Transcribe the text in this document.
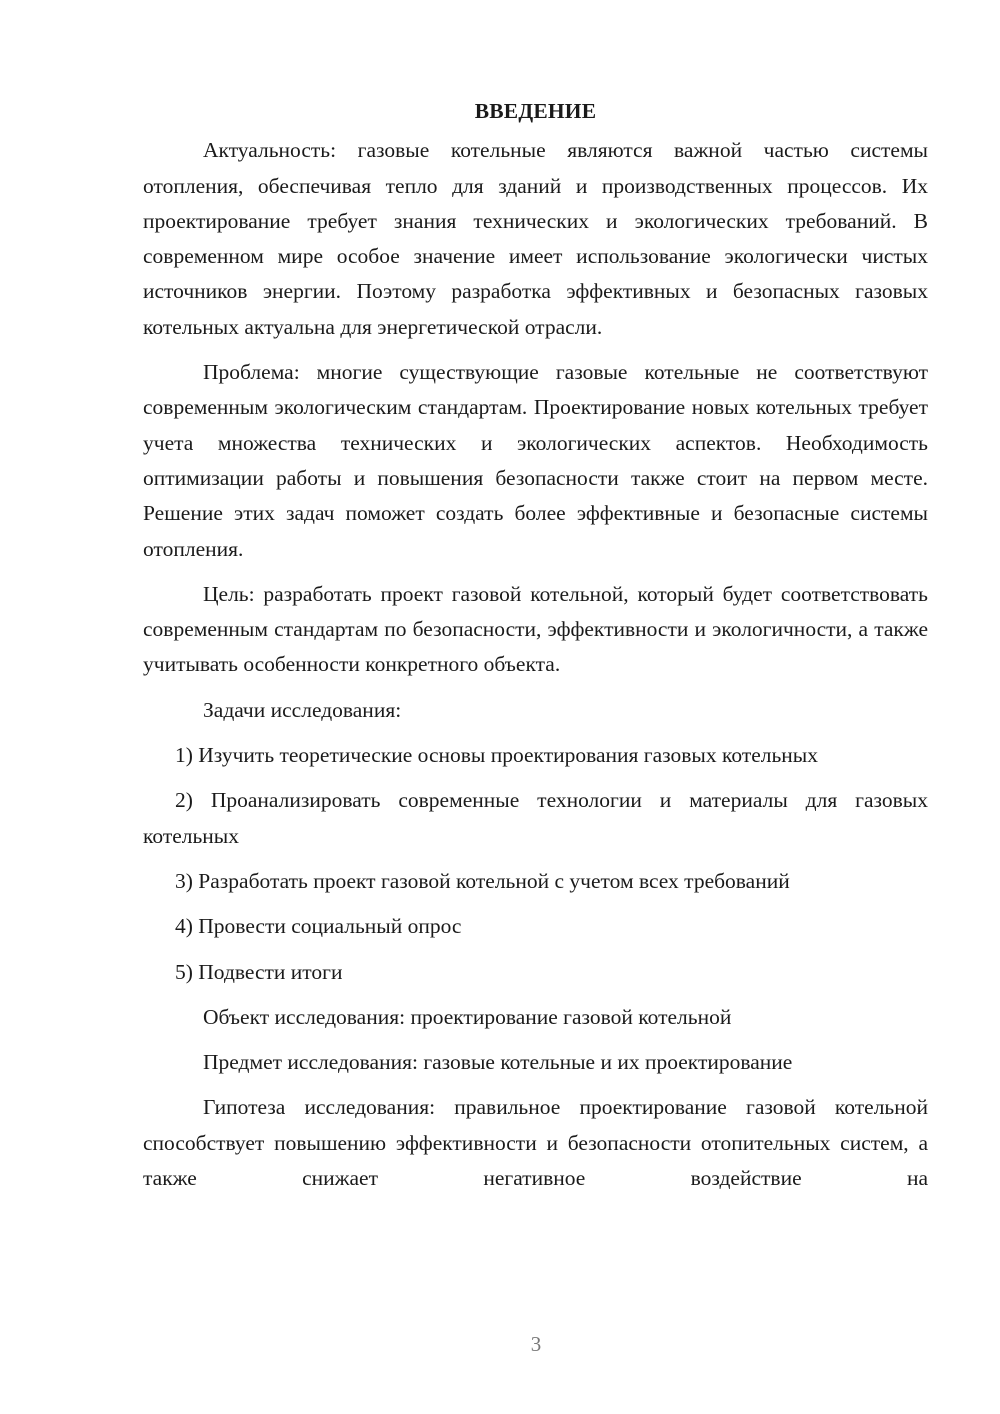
ВВЕДЕНИЕ

Актуальность: газовые котельные являются важной частью системы отопления, обеспечивая тепло для зданий и производственных процессов. Их проектирование требует знания технических и экологических требований. В современном мире особое значение имеет использование экологически чистых источников энергии. Поэтому разработка эффективных и безопасных газовых котельных актуальна для энергетической отрасли.

Проблема: многие существующие газовые котельные не соответствуют современным экологическим стандартам. Проектирование новых котельных требует учета множества технических и экологических аспектов. Необходимость оптимизации работы и повышения безопасности также стоит на первом месте. Решение этих задач поможет создать более эффективные и безопасные системы отопления.

Цель: разработать проект газовой котельной, который будет соответствовать современным стандартам по безопасности, эффективности и экологичности, а также учитывать особенности конкретного объекта.

Задачи исследования:

1) Изучить теоретические основы проектирования газовых котельных

2) Проанализировать современные технологии и материалы для газовых котельных

3) Разработать проект газовой котельной с учетом всех требований

4) Провести социальный опрос

5) Подвести итоги

Объект исследования: проектирование газовой котельной

Предмет исследования: газовые котельные и их проектирование

Гипотеза исследования: правильное проектирование газовой котельной способствует повышению эффективности и безопасности отопительных систем, а также снижает негативное воздействие на

3
